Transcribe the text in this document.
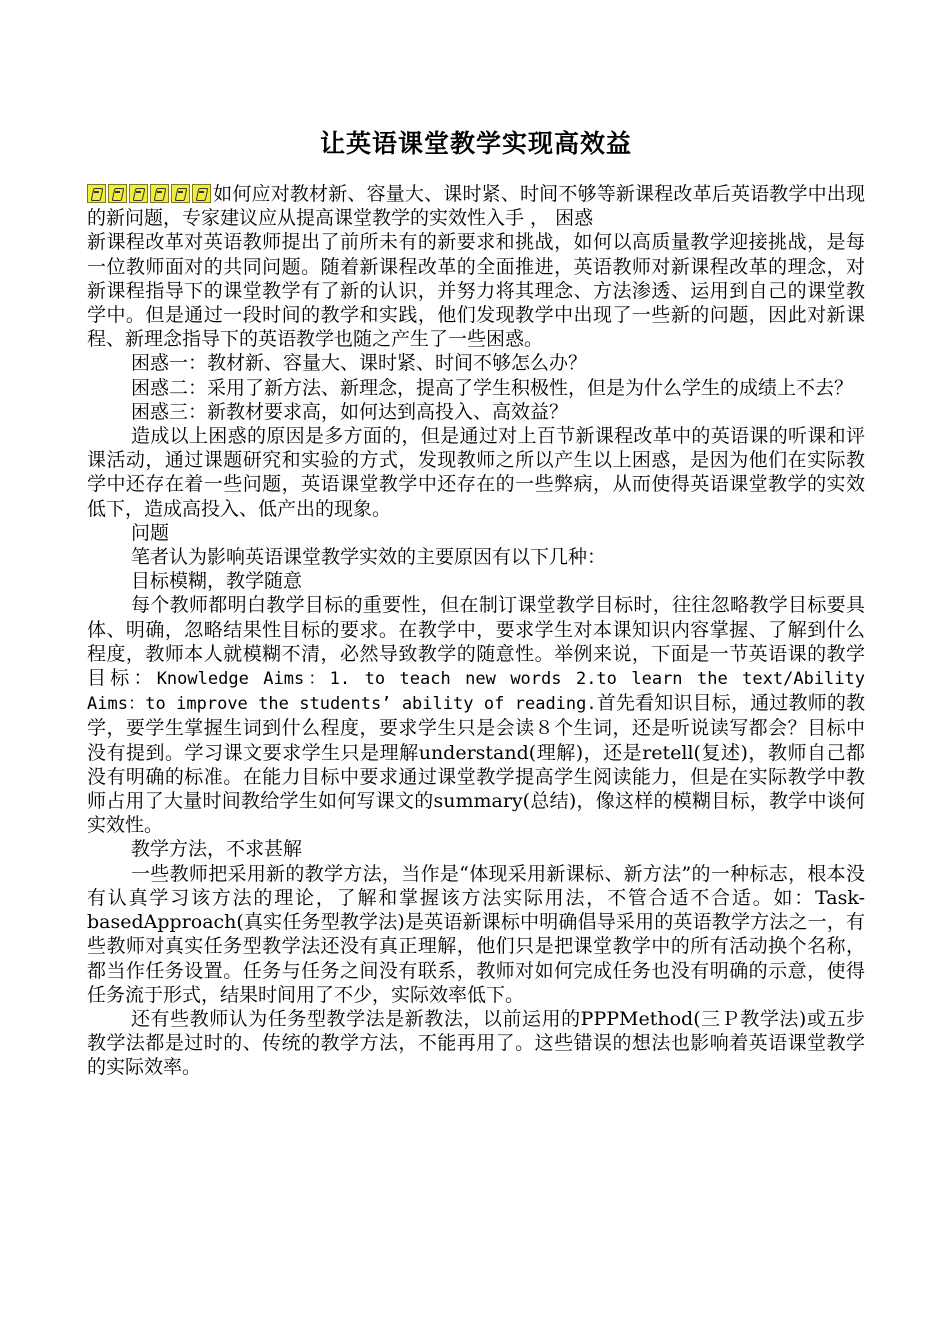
让英语课堂教学实现高效益

如何应对教材新、容量大、课时紧、时间不够等新课程改革后英语教学中出现的新问题，专家建议应从提高课堂教学的实效性入手 ， 困惑

新课程改革对英语教师提出了前所未有的新要求和挑战，如何以高质量教学迎接挑战，是每一位教师面对的共同问题。随着新课程改革的全面推进，英语教师对新课程改革的理念，对新课程指导下的课堂教学有了新的认识，并努力将其理念、方法渗透、运用到自己的课堂教学中。但是通过一段时间的教学和实践，他们发现教学中出现了一些新的问题，因此对新课程、新理念指导下的英语教学也随之产生了一些困惑。

困惑一：教材新、容量大、课时紧、时间不够怎么办？

困惑二：采用了新方法、新理念，提高了学生积极性，但是为什么学生的成绩上不去？

困惑三：新教材要求高，如何达到高投入、高效益？

造成以上困惑的原因是多方面的，但是通过对上百节新课程改革中的英语课的听课和评课活动，通过课题研究和实验的方式，发现教师之所以产生以上困惑，是因为他们在实际教学中还存在着一些问题，英语课堂教学中还存在的一些弊病，从而使得英语课堂教学的实效低下，造成高投入、低产出的现象。

问题

笔者认为影响英语课堂教学实效的主要原因有以下几种：

目标模糊，教学随意

每个教师都明白教学目标的重要性，但在制订课堂教学目标时，往往忽略教学目标要具体、明确，忽略结果性目标的要求。在教学中，要求学生对本课知识内容掌握、了解到什么程度，教师本人就模糊不清，必然导致教学的随意性。举例来说，下面是一节英语课的教学目标：Knowledge Aims：1. to teach new words 2.to learn the text/Ability Aims：to improve the students’ ability of reading.首先看知识目标，通过教师的教学，要学生掌握生词到什么程度，要求学生只是会读８个生词，还是听说读写都会？目标中没有提到。学习课文要求学生只是理解understand(理解)，还是retell(复述)，教师自己都没有明确的标准。在能力目标中要求通过课堂教学提高学生阅读能力，但是在实际教学中教师占用了大量时间教给学生如何写课文的summary(总结)，像这样的模糊目标，教学中谈何实效性。

教学方法，不求甚解

一些教师把采用新的教学方法，当作是“体现采用新课标、新方法”的一种标志，根本没有认真学习该方法的理论，了解和掌握该方法实际用法，不管合适不合适。如：Task-basedApproach(真实任务型教学法)是英语新课标中明确倡导采用的英语教学方法之一，有些教师对真实任务型教学法还没有真正理解，他们只是把课堂教学中的所有活动换个名称，都当作任务设置。任务与任务之间没有联系，教师对如何完成任务也没有明确的示意，使得任务流于形式，结果时间用了不少，实际效率低下。

还有些教师认为任务型教学法是新教法，以前运用的PPPMethod(三Ｐ教学法)或五步教学法都是过时的、传统的教学方法，不能再用了。这些错误的想法也影响着英语课堂教学的实际效率。
